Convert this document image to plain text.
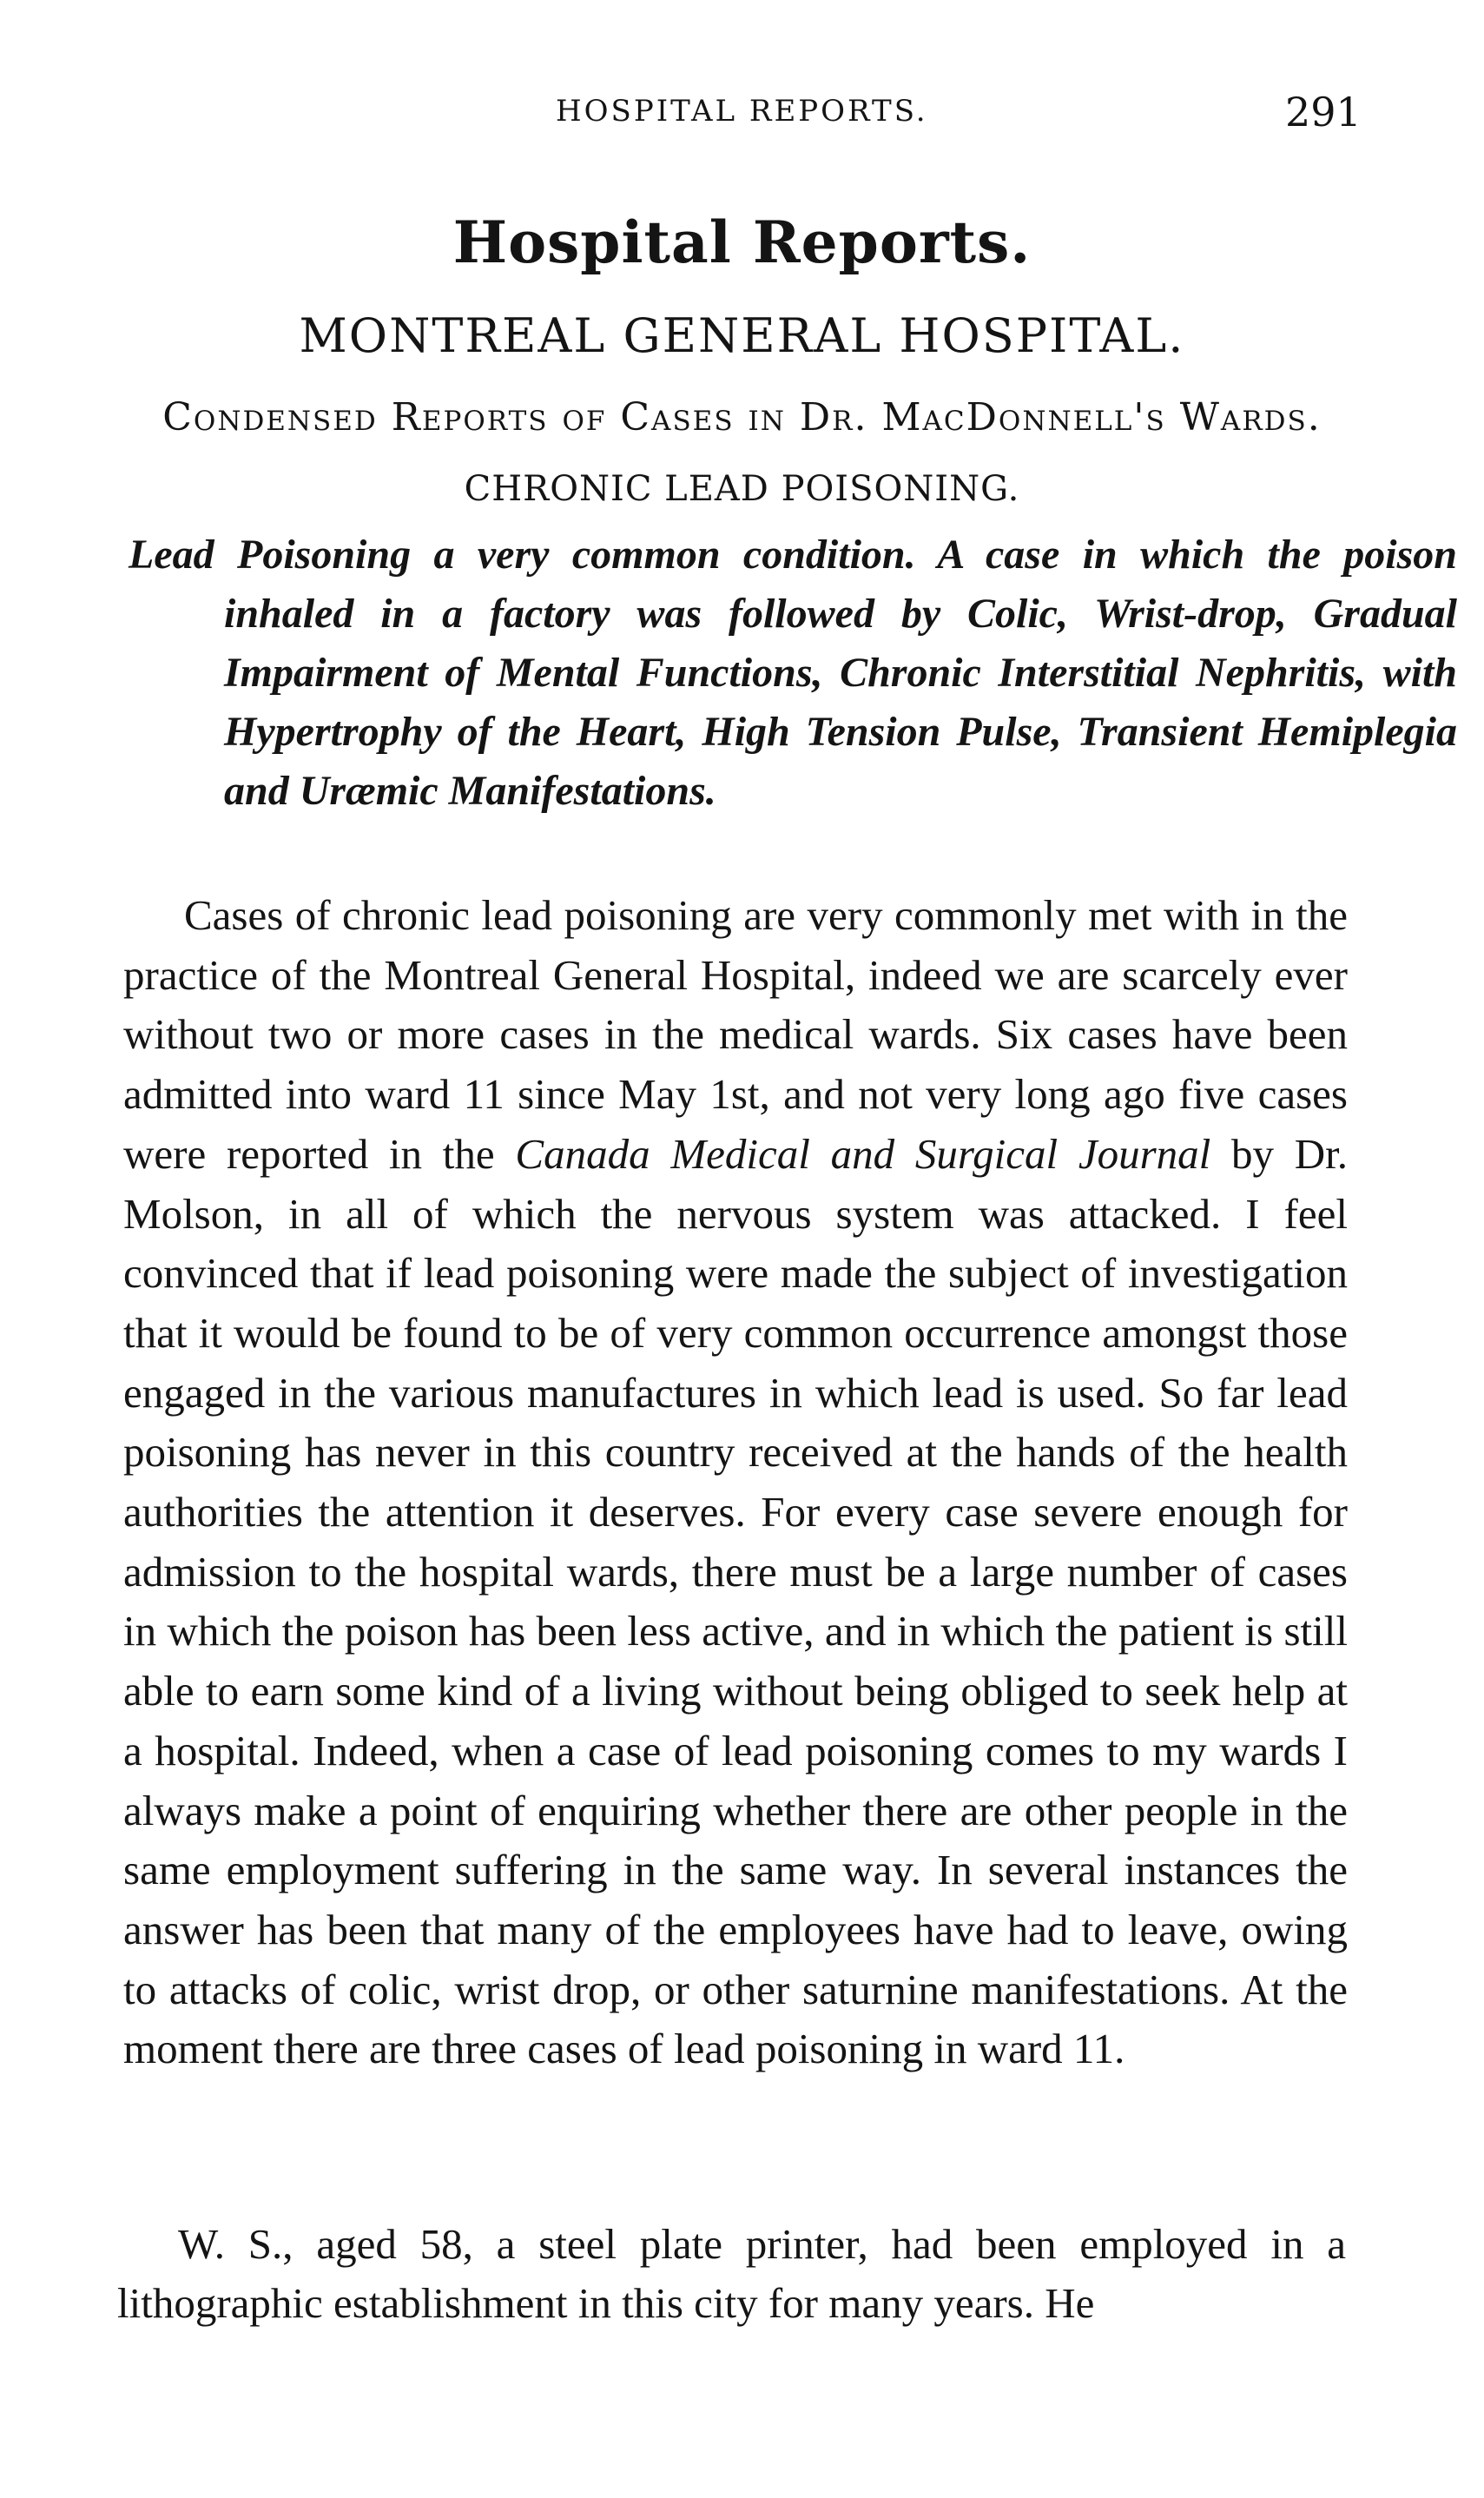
HOSPITAL REPORTS.	291
Hospital Reports.
MONTREAL GENERAL HOSPITAL.
Condensed Reports of Cases in Dr. MacDonnell's Wards.
CHRONIC LEAD POISONING.
Lead Poisoning a very common condition. A case in which the poison inhaled in a factory was followed by Colic, Wrist-drop, Gradual Impairment of Mental Functions, Chronic Interstitial Nephritis, with Hypertrophy of the Heart, High Tension Pulse, Transient Hemiplegia and Uræmic Manifestations.
Cases of chronic lead poisoning are very commonly met with in the practice of the Montreal General Hospital, indeed we are scarcely ever without two or more cases in the medical wards. Six cases have been admitted into ward 11 since May 1st, and not very long ago five cases were reported in the Canada Medical and Surgical Journal by Dr. Molson, in all of which the nervous system was attacked. I feel convinced that if lead poisoning were made the subject of investigation that it would be found to be of very common occurrence amongst those engaged in the various manufactures in which lead is used. So far lead poisoning has never in this country received at the hands of the health authorities the attention it deserves. For every case severe enough for admission to the hospital wards, there must be a large number of cases in which the poison has been less active, and in which the patient is still able to earn some kind of a living without being obliged to seek help at a hospital. Indeed, when a case of lead poisoning comes to my wards I always make a point of enquiring whether there are other people in the same employment suffering in the same way. In several instances the answer has been that many of the employees have had to leave, owing to attacks of colic, wrist drop, or other saturnine manifestations. At the moment there are three cases of lead poisoning in ward 11.
W. S., aged 58, a steel plate printer, had been employed in a lithographic establishment in this city for many years. He
